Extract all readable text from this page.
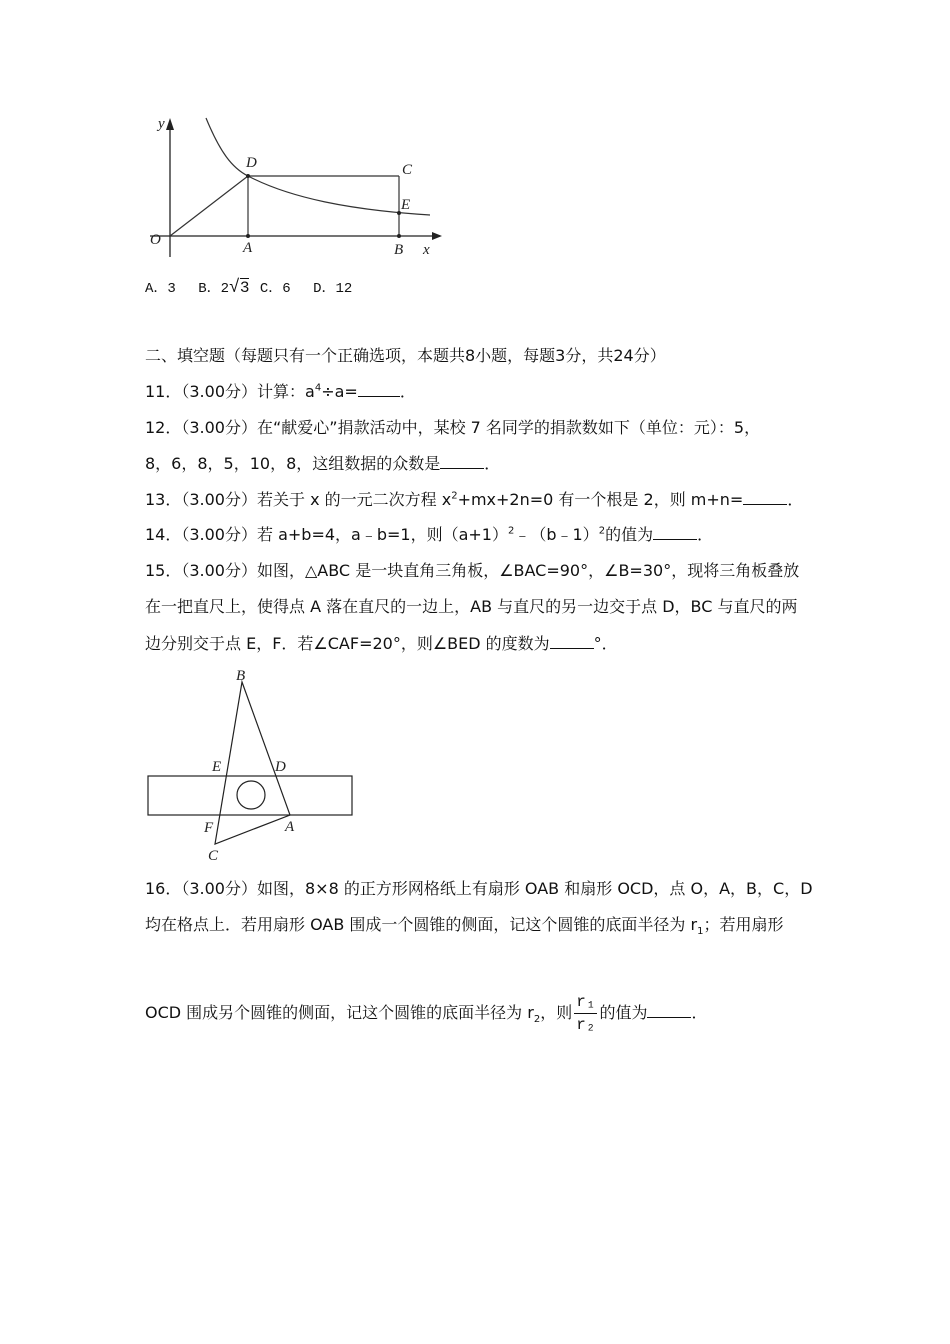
y
x
O	A	B
C
D
E
A．3 B．2√3 C．6 D．12
二、填空题（每题只有一个正确选项，本题共8小题，每题3分，共24分）
11．（3.00分）计算：$a^4\div a=$	．
12．（3.00分）在“献爱心”捐款活动中，某校 7 名同学的捐款数如下（单位：元）：5，
8，6，8，5，10，8，这组数据的众数是	．
13．（3.00分）若关于 x 的一元二次方程 $x^2+mx+2n=0$ 有一个根是 2，则 m+n=	．
14．（3.00分）若 a+b=4，a﹣b=1，则$(a+1)^2﹣(b﹣1)^2$的值为	．
15．（3.00分）如图，△ABC 是一块直角三角板，∠BAC=90°，∠B=30°，现将三角板叠放
在一把直尺上，使得点 A 落在直尺的一边上，AB 与直尺的另一边交于点 D，BC 与直尺的两
边分别交于点 E，F．若∠CAF=20°，则∠BED 的度数为	°．
B
E	D
F	A
C
16．（3.00分）如图，8×8 的正方形网格纸上有扇形 OAB 和扇形 OCD，点 O，A，B，C，D
均在格点上．若用扇形 OAB 围成一个圆锥的侧面，记这个圆锥的底面半径为 $r_1$；若用扇形
OCD 围成另个圆锥的侧面，记这个圆锥的底面半径为 $r_2$，则 $\frac{\text{r₁}}{\text{r₂}}$ 的值为	．
